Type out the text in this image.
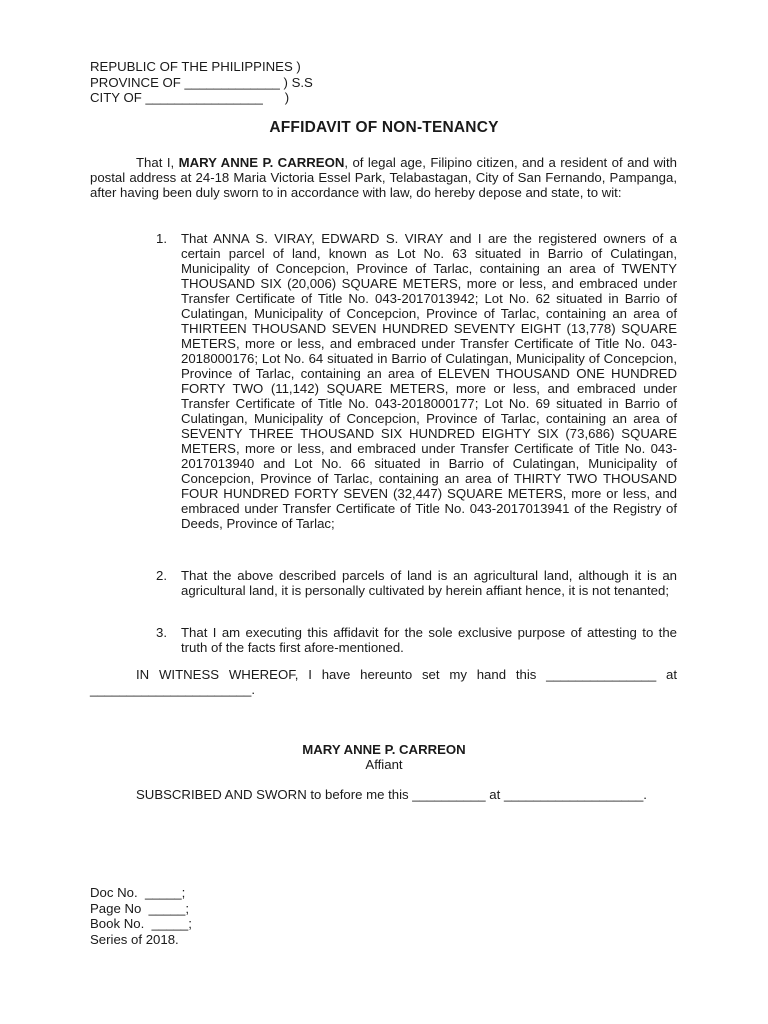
REPUBLIC OF THE PHILIPPINES )
PROVINCE OF _____________ ) S.S
CITY OF ________________      )
AFFIDAVIT OF NON-TENANCY
That I, MARY ANNE P. CARREON, of legal age, Filipino citizen, and a resident of and with postal address at 24-18 Maria Victoria Essel Park, Telabastagan, City of San Fernando, Pampanga, after having been duly sworn to in accordance with law, do hereby depose and state, to wit:
1.	That ANNA S. VIRAY, EDWARD S. VIRAY and I are the registered owners of a certain parcel of land, known as Lot No. 63 situated in Barrio of Culatingan, Municipality of Concepcion, Province of Tarlac, containing an area of TWENTY THOUSAND SIX (20,006) SQUARE METERS, more or less, and embraced under Transfer Certificate of Title No. 043-2017013942; Lot No. 62 situated in Barrio of Culatingan, Municipality of Concepcion, Province of Tarlac, containing an area of THIRTEEN THOUSAND SEVEN HUNDRED SEVENTY EIGHT (13,778) SQUARE METERS, more or less, and embraced under Transfer Certificate of Title No. 043-2018000176; Lot No. 64 situated in Barrio of Culatingan, Municipality of Concepcion, Province of Tarlac, containing an area of ELEVEN THOUSAND ONE HUNDRED FORTY TWO (11,142) SQUARE METERS, more or less, and embraced under Transfer Certificate of Title No. 043-2018000177; Lot No. 69 situated in Barrio of Culatingan, Municipality of Concepcion, Province of Tarlac, containing an area of SEVENTY THREE THOUSAND SIX HUNDRED EIGHTY SIX (73,686) SQUARE METERS, more or less, and embraced under Transfer Certificate of Title No. 043-2017013940 and Lot No. 66 situated in Barrio of Culatingan, Municipality of Concepcion, Province of Tarlac, containing an area of THIRTY TWO THOUSAND FOUR HUNDRED FORTY SEVEN (32,447) SQUARE METERS, more or less, and embraced under Transfer Certificate of Title No. 043-2017013941 of the Registry of Deeds, Province of Tarlac;
2.	That the above described parcels of land is an agricultural land, although it is an agricultural land, it is personally cultivated by herein affiant hence, it is not tenanted;
3.	That I am executing this affidavit for the sole exclusive purpose of attesting to the truth of the facts first afore-mentioned.
IN WITNESS WHEREOF, I have hereunto set my hand this _______________ at ______________________.
MARY ANNE P. CARREON
Affiant
SUBSCRIBED AND SWORN to before me this __________ at ___________________.
Doc No.  _____;
Page No  _____;
Book No.  _____;
Series of 2018.
